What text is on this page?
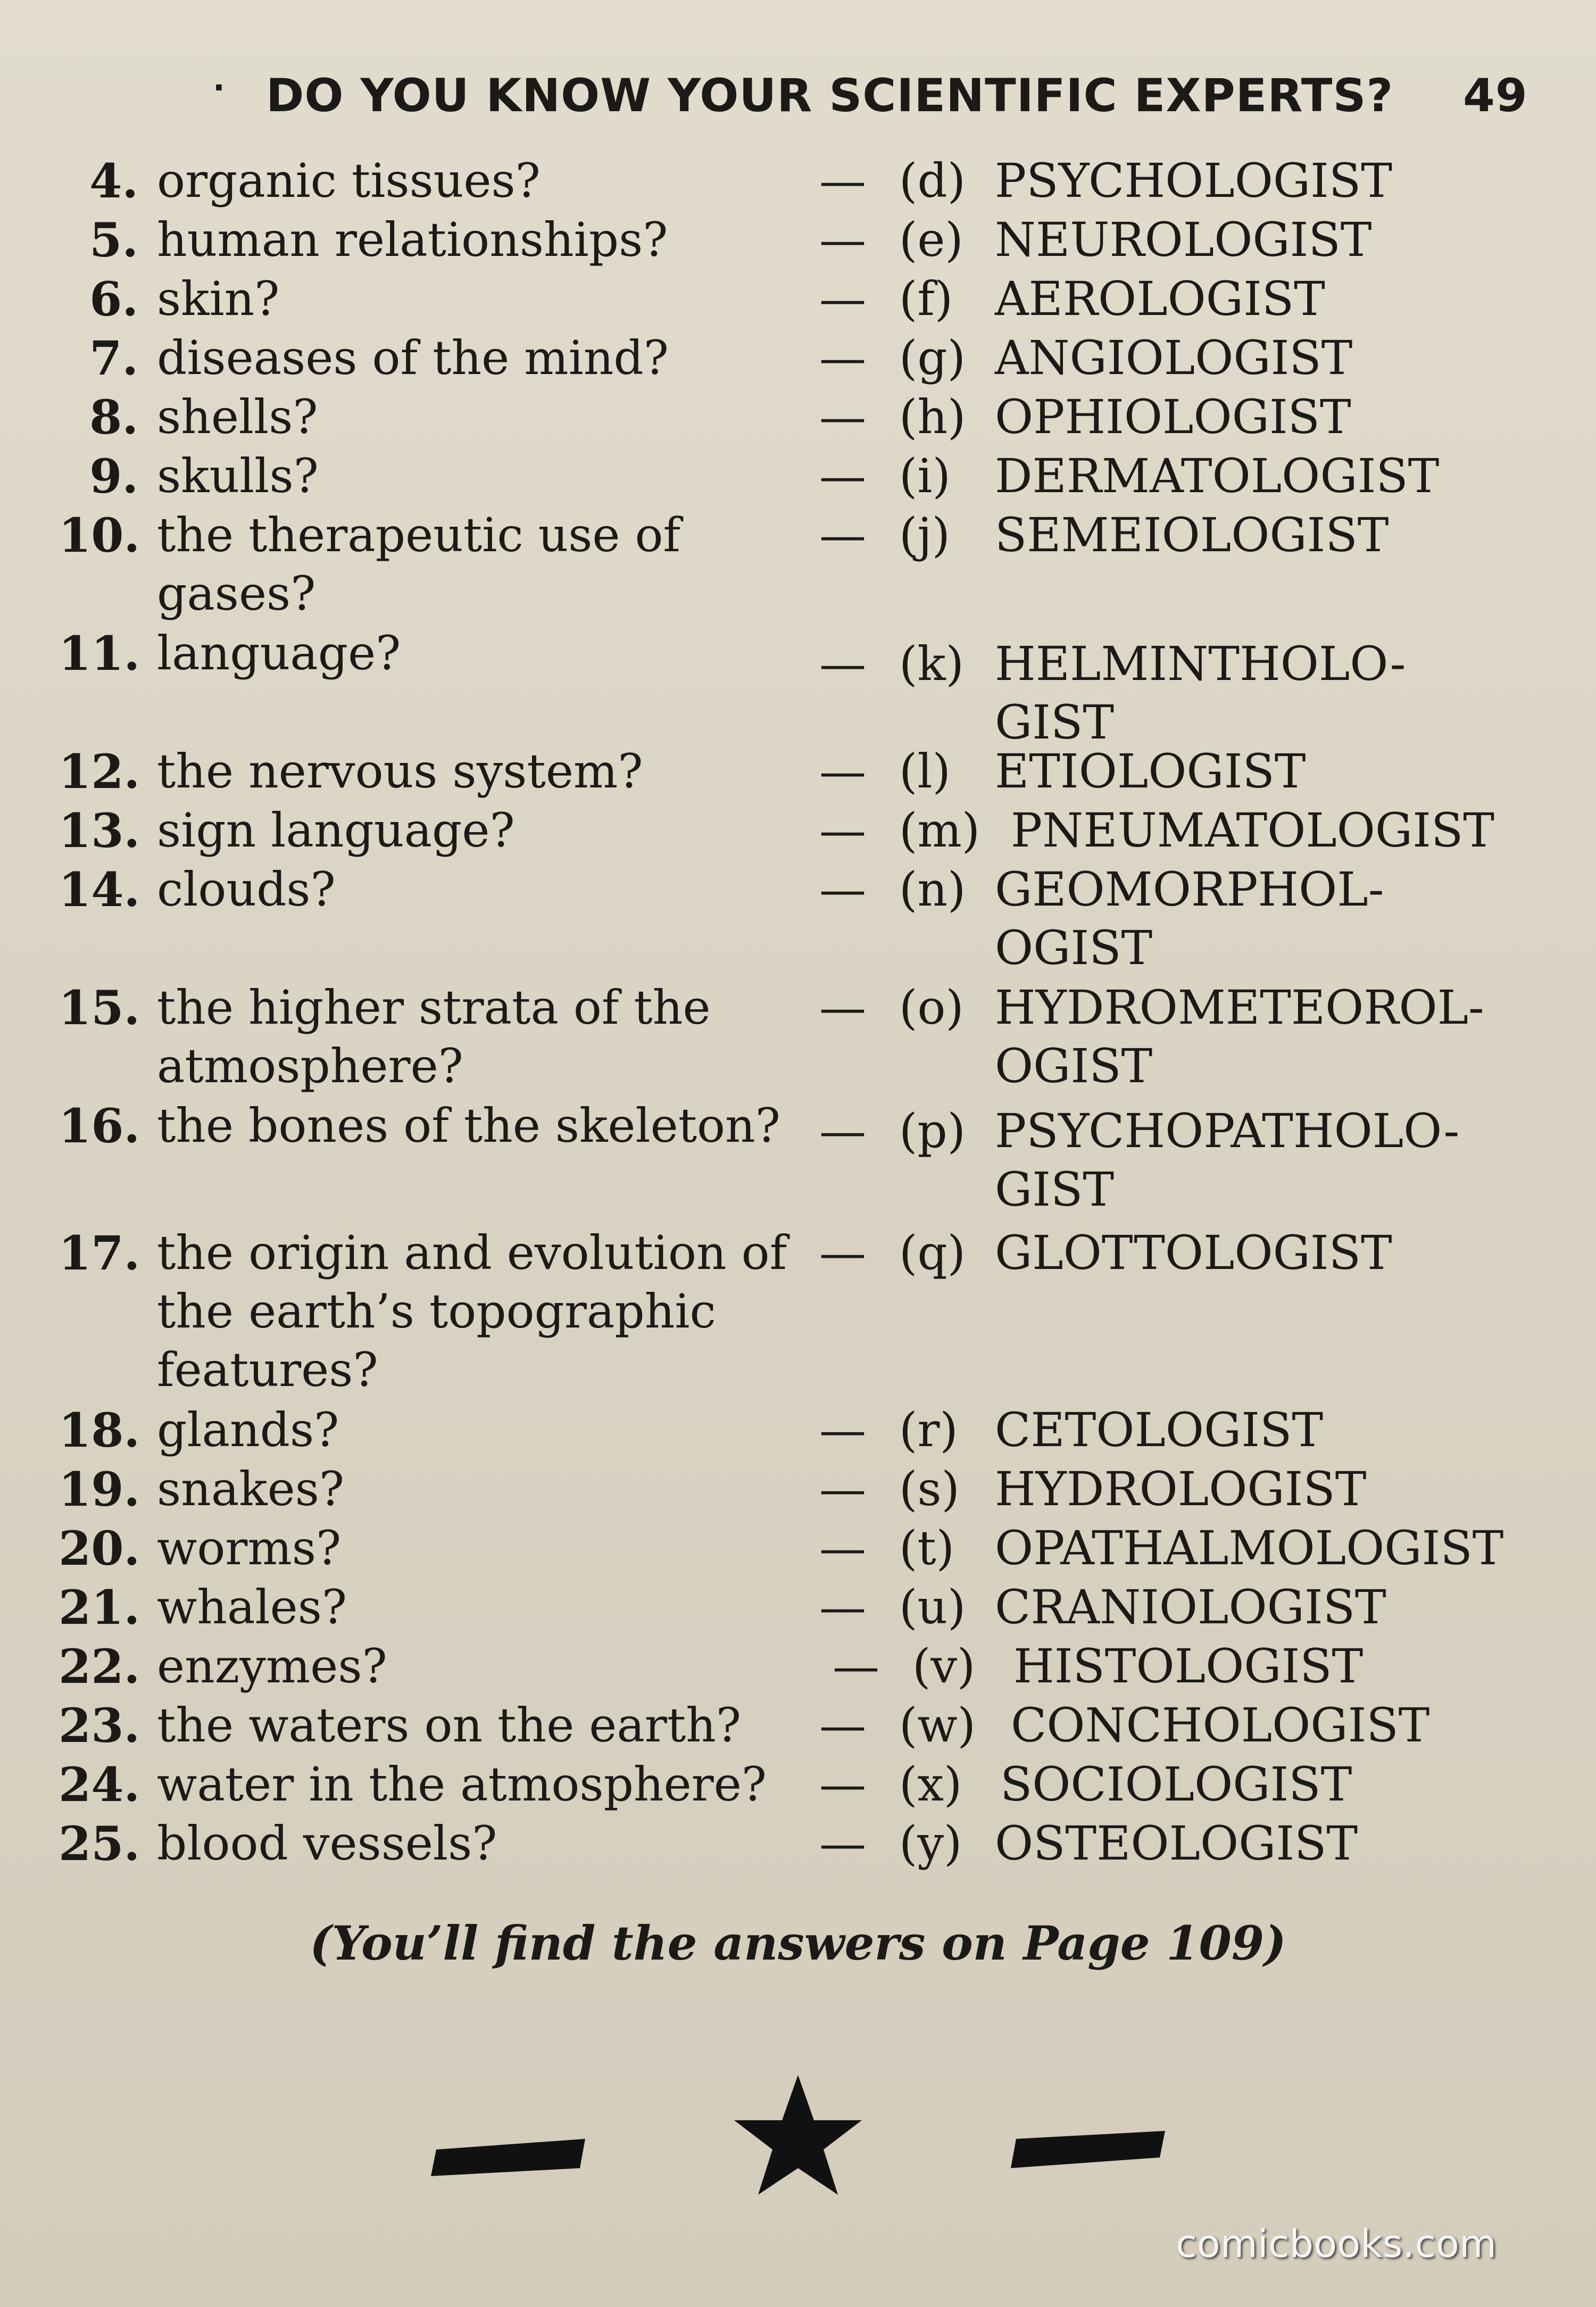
· DO YOU KNOW YOUR SCIENTIFIC EXPERTS? 49
4. organic tissues?	— (d) PSYCHOLOGIST
5. human relationships?	— (e) NEUROLOGIST
6. skin?	— (f) AEROLOGIST
7. diseases of the mind?	— (g) ANGIOLOGIST
8. shells?	— (h) OPHIOLOGIST
9. skulls?	— (i) DERMATOLOGIST
10. the therapeutic use of gases?
— (j) SEMEIOLOGIST
11. language?	— (k) HELMINTHOLO-GIST
12. the nervous system?	— (l) ETIOLOGIST
13. sign language?	— (m) PNEUMATOLOGIST
14. clouds?	— (n) GEOMORPHOL-OGIST
15. the higher strata of the atmosphere?
— (o) HYDROMETEOROL-OGIST
16. the bones of the skeleton? — (p) PSYCHOPATHOLO-GIST
17. the origin and evolution of the earth’s topographic features?
— (q) GLOTTOLOGIST
18. glands?	— (r) CETOLOGIST
19. snakes?	— (s) HYDROLOGIST
20. worms?	— (t) OPATHALMOLOGIST
21. whales?	— (u) CRANIOLOGIST
22. enzymes?	— (v) HISTOLOGIST
23. the waters on the earth?	— (w) CONCHOLOGIST
24. water in the atmosphere?	— (x) SOCIOLOGIST
25. blood vessels?	— (y) OSTEOLOGIST
(You’ll find the answers on Page 109)
comicbooks.com
